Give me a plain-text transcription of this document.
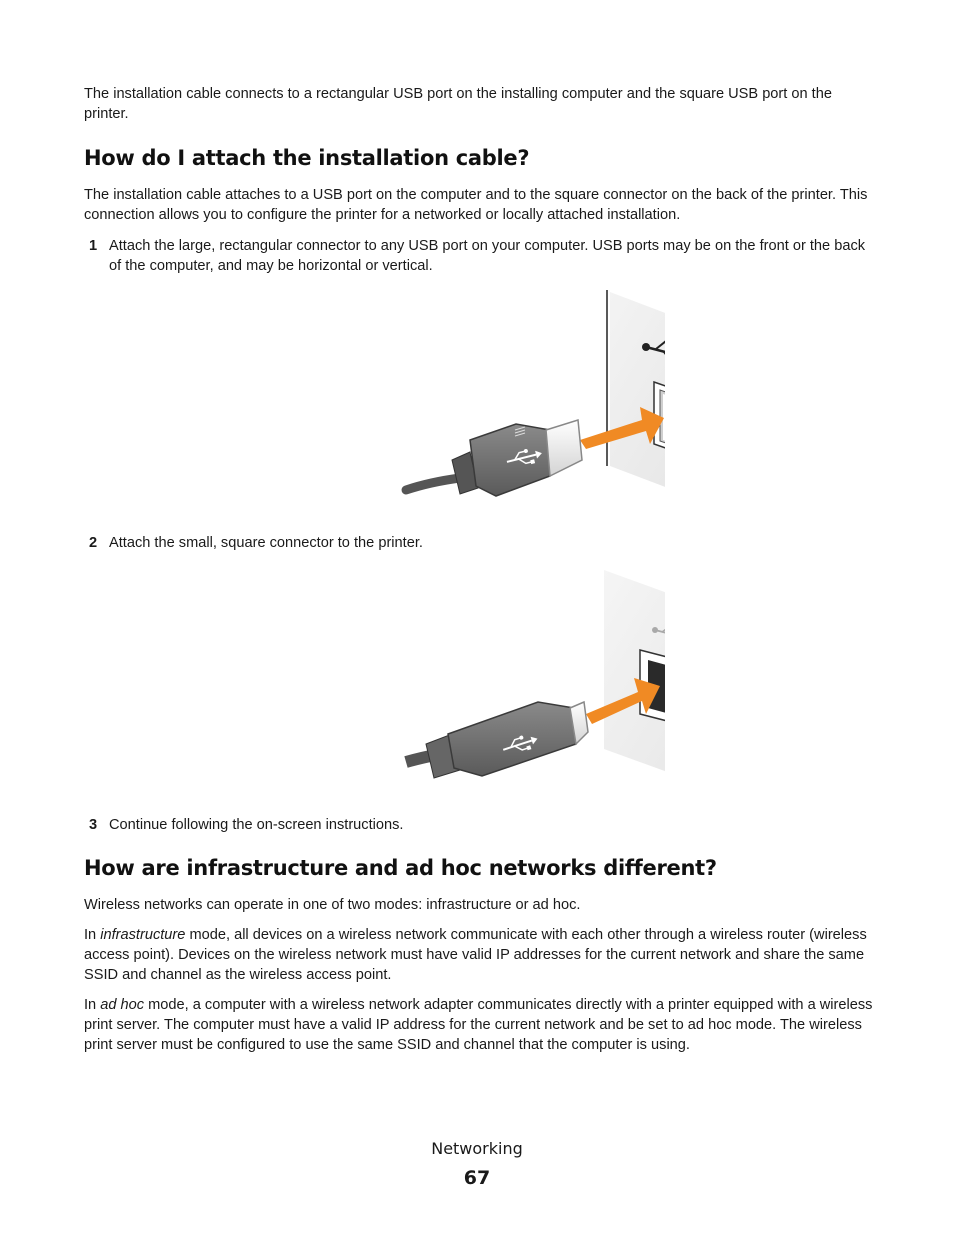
The installation cable connects to a rectangular USB port on the installing computer and the square USB port on the printer.

How do I attach the installation cable?

The installation cable attaches to a USB port on the computer and to the square connector on the back of the printer. This connection allows you to configure the printer for a networked or locally attached installation.

1 Attach the large, rectangular connector to any USB port on your computer. USB ports may be on the front or the back of the computer, and may be horizontal or vertical.
2 Attach the small, square connector to the printer.
3 Continue following the on-screen instructions.
How are infrastructure and ad hoc networks different?

Wireless networks can operate in one of two modes: infrastructure or ad hoc.

In infrastructure mode, all devices on a wireless network communicate with each other through a wireless router (wireless access point). Devices on the wireless network must have valid IP addresses for the current network and share the same SSID and channel as the wireless access point.

In ad hoc mode, a computer with a wireless network adapter communicates directly with a printer equipped with a wireless print server. The computer must have a valid IP address for the current network and be set to ad hoc mode. The wireless print server must be configured to use the same SSID and channel that the computer is using.

Networking
67
